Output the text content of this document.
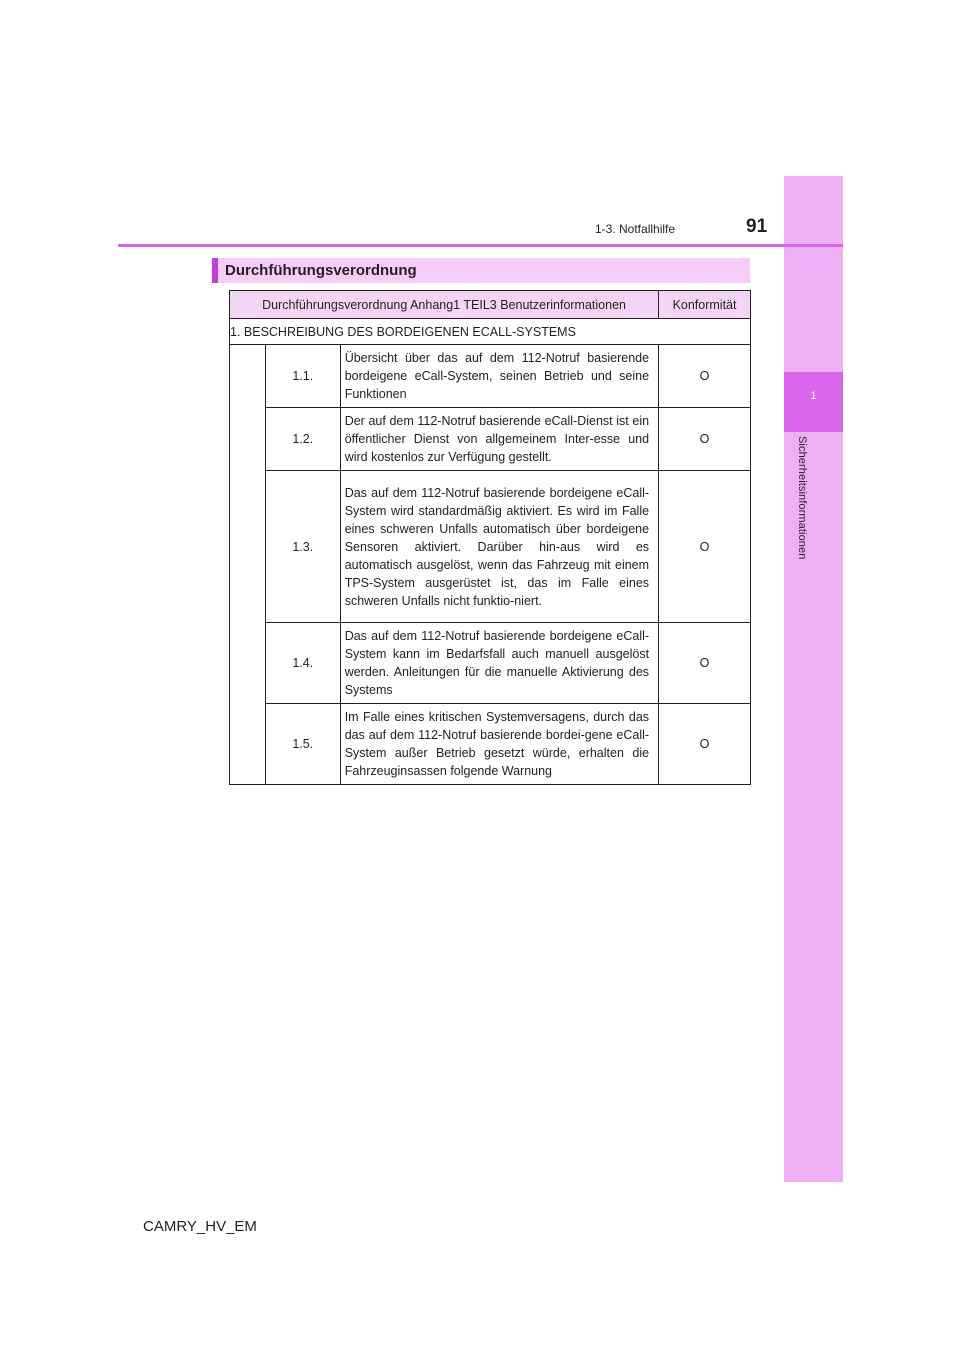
1
Sicherheitsinformationen
1-3. Notfallhilfe	91
Durchführungsverordnung
Durchführungsverordnung Anhang1 TEIL3 Benutzerinformationen			Konformität
1. BESCHREIBUNG DES BORDEIGENEN ECALL-SYSTEMS			
	1.1.	Übersicht über das auf dem 112-Notruf basierende bordeigene eCall-System, seinen Betrieb und seine Funktionen	O
	1.2.	Der auf dem 112-Notruf basierende eCall-Dienst ist ein öffentlicher Dienst von allgemeinem Inter-esse und wird kostenlos zur Verfügung gestellt.	O
	1.3.	Das auf dem 112-Notruf basierende bordeigene eCall-System wird standardmäßig aktiviert. Es wird im Falle eines schweren Unfalls automatisch über bordeigene Sensoren aktiviert. Darüber hin-aus wird es automatisch ausgelöst, wenn das Fahrzeug mit einem TPS-System ausgerüstet ist, das im Falle eines schweren Unfalls nicht funktio-niert.	O
	1.4.	Das auf dem 112-Notruf basierende bordeigene eCall-System kann im Bedarfsfall auch manuell ausgelöst werden. Anleitungen für die manuelle Aktivierung des Systems	O
	1.5.	Im Falle eines kritischen Systemversagens, durch das das auf dem 112-Notruf basierende bordei-gene eCall-System außer Betrieb gesetzt würde, erhalten die Fahrzeuginsassen folgende Warnung	O
CAMRY_HV_EM
